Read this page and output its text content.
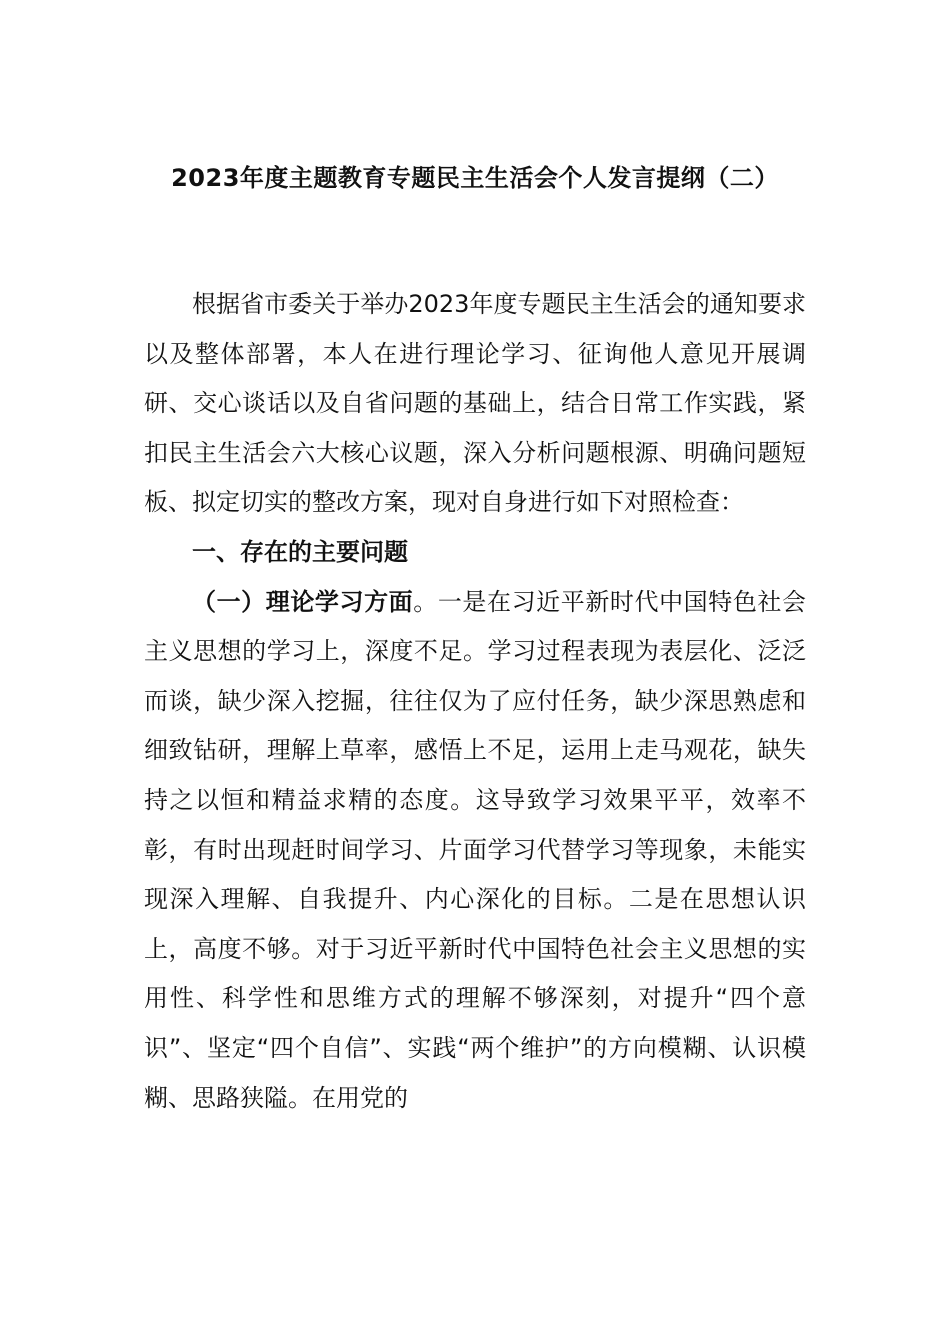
2023年度主题教育专题民主生活会个人发言提纲（二）

根据省市委关于举办2023年度专题民主生活会的通知要求以及整体部署，本人在进行理论学习、征询他人意见开展调研、交心谈话以及自省问题的基础上，结合日常工作实践，紧扣民主生活会六大核心议题，深入分析问题根源、明确问题短板、拟定切实的整改方案，现对自身进行如下对照检查：

一、存在的主要问题

（一）理论学习方面。一是在习近平新时代中国特色社会主义思想的学习上，深度不足。学习过程表现为表层化、泛泛而谈，缺少深入挖掘，往往仅为了应付任务，缺少深思熟虑和细致钻研，理解上草率，感悟上不足，运用上走马观花，缺失持之以恒和精益求精的态度。这导致学习效果平平，效率不彰，有时出现赶时间学习、片面学习代替学习等现象，未能实现深入理解、自我提升、内心深化的目标。二是在思想认识上，高度不够。对于习近平新时代中国特色社会主义思想的实用性、科学性和思维方式的理解不够深刻，对提升“四个意识”、坚定“四个自信”、实践“两个维护”的方向模糊、认识模糊、思路狭隘。在用党的
